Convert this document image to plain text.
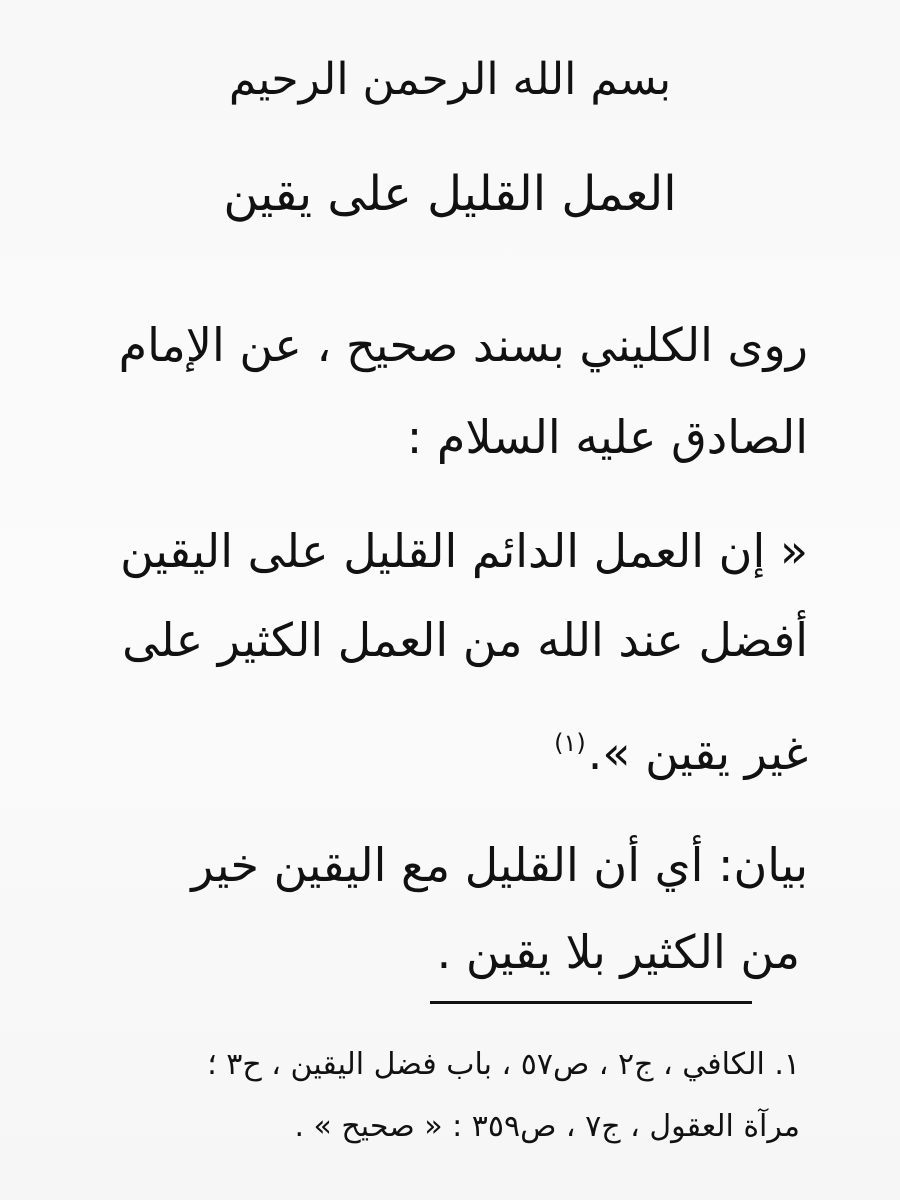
بسم الله الرحمن الرحيم
العمل القليل على يقين
روى الكليني بسند صحيح ، عن الإمام
الصادق عليه السلام :
« إن العمل الدائم القليل على اليقين
أفضل عند الله من العمل الكثير على
غير يقين ».$^{(١)}$
بيان: أي أن القليل مع اليقين خير
من الكثير بلا يقين .
١. الكافي ، ج٢ ، ص٥٧ ، باب فضل اليقين ، ح٣ ؛
مرآة العقول ، ج٧ ، ص٣٥٩ : « صحيح » .
